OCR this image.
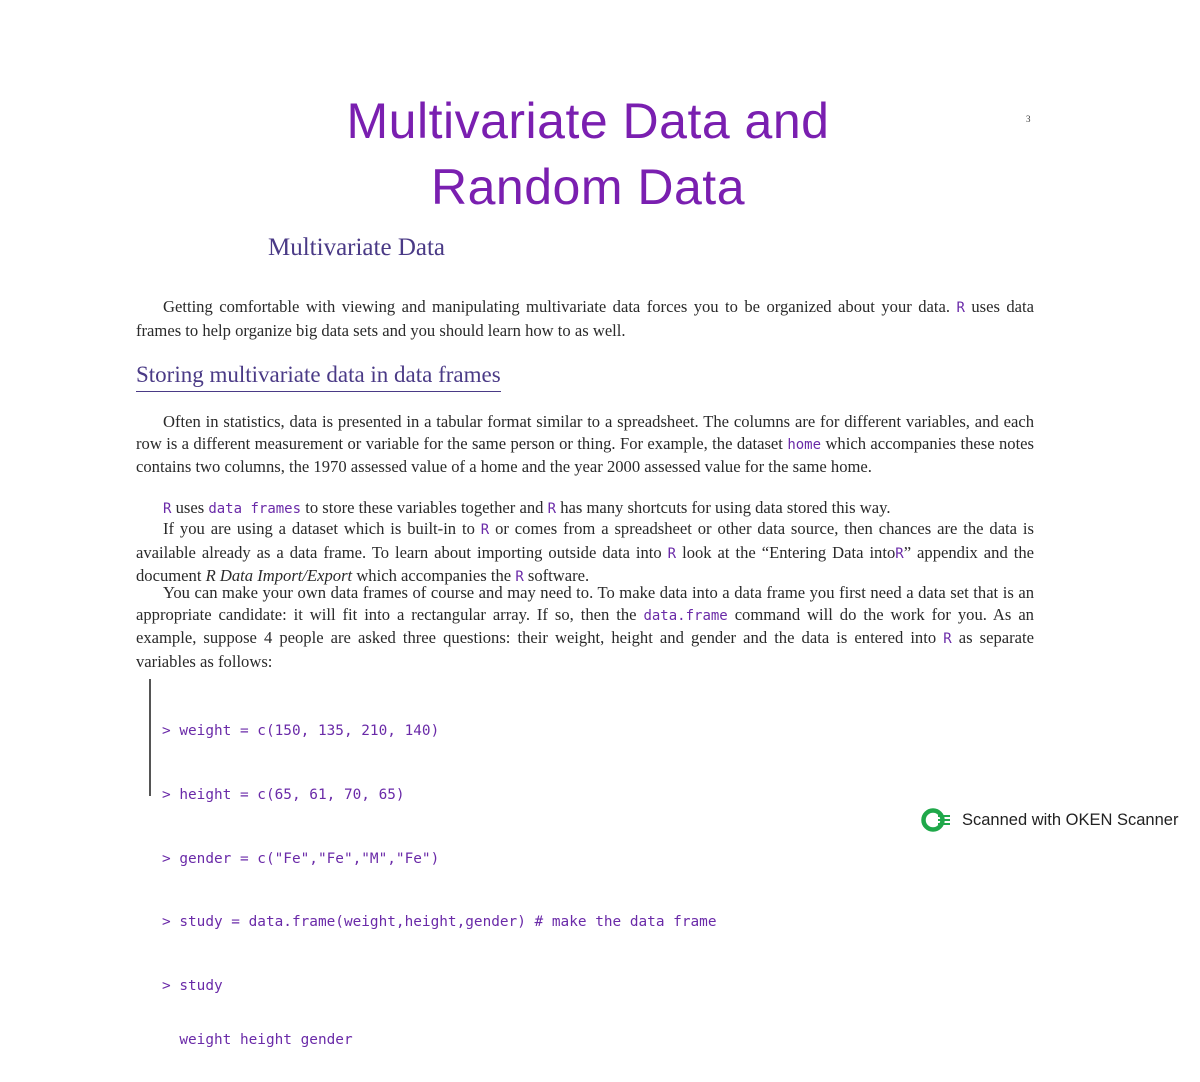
Multivariate Data and
Random Data
3
Multivariate Data
Getting comfortable with viewing and manipulating multivariate data forces you to be organized about your data. R uses data frames to help organize big data sets and you should learn how to as well.
Storing multivariate data in data frames
Often in statistics, data is presented in a tabular format similar to a spreadsheet. The columns are for different variables, and each row is a different measurement or variable for the same person or thing. For example, the dataset home which accompanies these notes contains two columns, the 1970 assessed value of a home and the year 2000 assessed value for the same home.
R uses data frames to store these variables together and R has many shortcuts for using data stored this way.
If you are using a dataset which is built-in to R or comes from a spreadsheet or other data source, then chances are the data is available already as a data frame. To learn about importing outside data into R look at the “Entering Data intoR” appendix and the document R Data Import/Export which accompanies the R software.
You can make your own data frames of course and may need to. To make data into a data frame you first need a data set that is an appropriate candidate: it will fit into a rectangular array. If so, then the data.frame command will do the work for you. As an example, suppose 4 people are asked three questions: their weight, height and gender and the data is entered into R as separate variables as follows:

> weight = c(150, 135, 210, 140)

> height = c(65, 61, 70, 65)

> gender = c("Fe","Fe","M","Fe")

> study = data.frame(weight,height,gender) # make the data frame

> study

weight height gender

Scanned with OKEN Scanner
